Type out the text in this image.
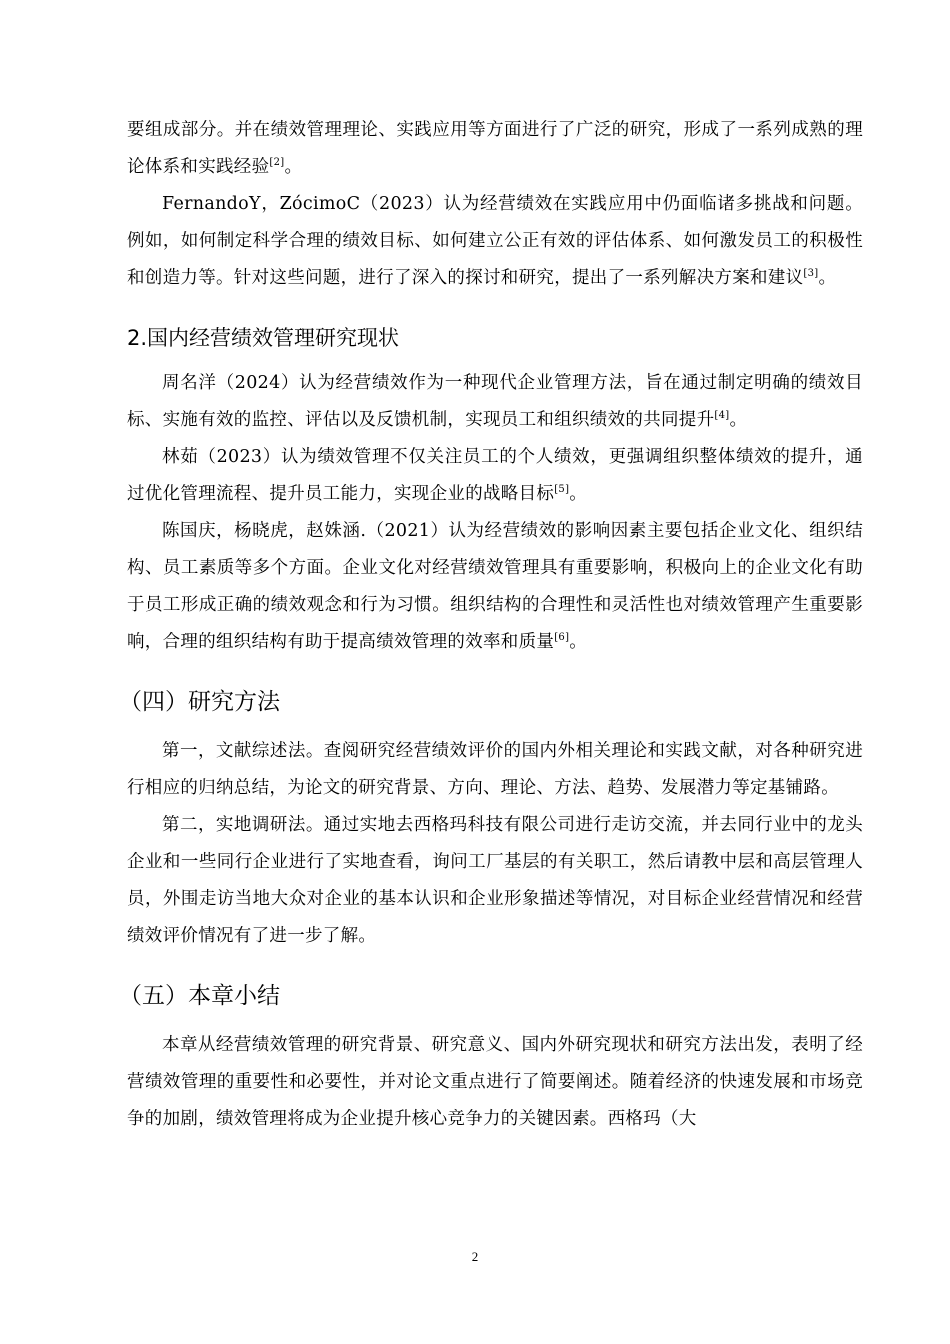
要组成部分。并在绩效管理理论、实践应用等方面进行了广泛的研究，形成了一系列成熟的理论体系和实践经验[2]。

FernandoY，ZócimoC（2023）认为经营绩效在实践应用中仍面临诸多挑战和问题。例如，如何制定科学合理的绩效目标、如何建立公正有效的评估体系、如何激发员工的积极性和创造力等。针对这些问题，进行了深入的探讨和研究，提出了一系列解决方案和建议[3]。

2.国内经营绩效管理研究现状

周名洋（2024）认为经营绩效作为一种现代企业管理方法，旨在通过制定明确的绩效目标、实施有效的监控、评估以及反馈机制，实现员工和组织绩效的共同提升[4]。

林茹（2023）认为绩效管理不仅关注员工的个人绩效，更强调组织整体绩效的提升，通过优化管理流程、提升员工能力，实现企业的战略目标[5]。

陈国庆，杨晓虎，赵姝涵.（2021）认为经营绩效的影响因素主要包括企业文化、组织结构、员工素质等多个方面。企业文化对经营绩效管理具有重要影响，积极向上的企业文化有助于员工形成正确的绩效观念和行为习惯。组织结构的合理性和灵活性也对绩效管理产生重要影响，合理的组织结构有助于提高绩效管理的效率和质量[6]。

（四）研究方法

第一，文献综述法。查阅研究经营绩效评价的国内外相关理论和实践文献，对各种研究进行相应的归纳总结，为论文的研究背景、方向、理论、方法、趋势、发展潜力等定基铺路。

第二，实地调研法。通过实地去西格玛科技有限公司进行走访交流，并去同行业中的龙头企业和一些同行企业进行了实地查看，询问工厂基层的有关职工，然后请教中层和高层管理人员，外围走访当地大众对企业的基本认识和企业形象描述等情况，对目标企业经营情况和经营绩效评价情况有了进一步了解。

（五）本章小结

本章从经营绩效管理的研究背景、研究意义、国内外研究现状和研究方法出发，表明了经营绩效管理的重要性和必要性，并对论文重点进行了简要阐述。随着经济的快速发展和市场竞争的加剧，绩效管理将成为企业提升核心竞争力的关键因素。西格玛（大

2
